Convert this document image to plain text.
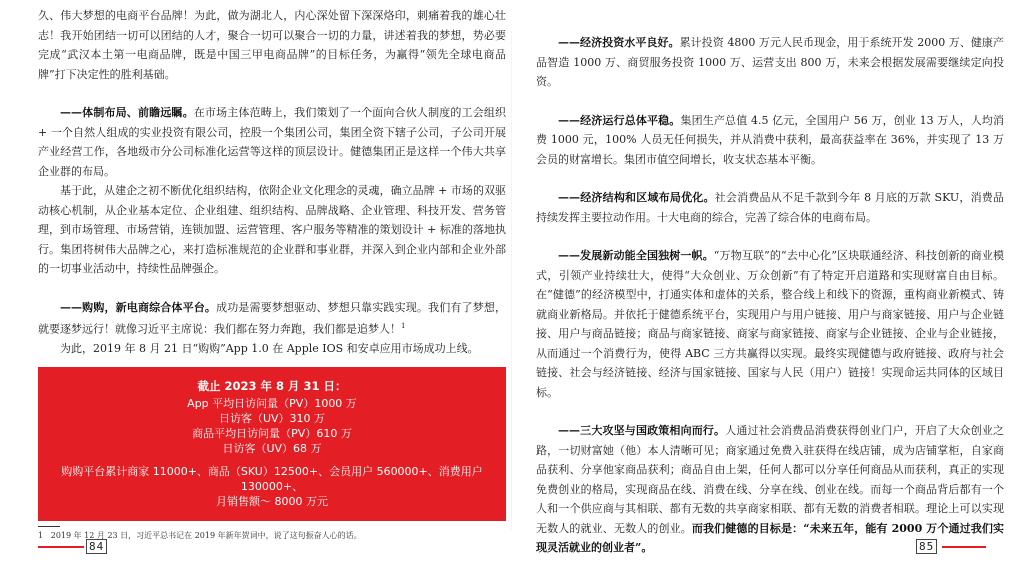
久、伟大梦想的电商平台品牌！为此，做为湖北人，内心深处留下深深烙印，刺痛着我的雄心壮志！我开始团结一切可以团结的人才，聚合一切可以聚合一切的力量，讲述着我的梦想，势必要完成“武汉本土第一电商品牌，既是中国三甲电商品牌”的目标任务，为赢得“领先全球电商品牌”打下决定性的胜利基础。

——体制布局、前瞻远瞩。在市场主体范畴上，我们策划了一个面向合伙人制度的工会组织 + 一个自然人组成的实业投资有限公司，控股一个集团公司，集团全资下辖子公司，子公司开展产业经营工作，各地级市分公司标准化运营等这样的顶层设计。健德集团正是这样一个伟大共享企业群的布局。

基于此，从建企之初不断优化组织结构，依附企业文化理念的灵魂，确立品牌 + 市场的双驱动核心机制，从企业基本定位、企业组建、组织结构、品牌战略、企业管理、科技开发、营务管理，到市场管理、市场营销，连锁加盟、运营管理、客户服务等精准的策划设计 + 标准的落地执行。集团将树伟大品牌之心，来打造标准规范的企业群和事业群，并深入到企业内部和企业外部的一切事业活动中，持续性品牌强企。

——购购，新电商综合体平台。成功是需要梦想驱动、梦想只靠实践实现。我们有了梦想，就要逐梦远行！就像习近平主席说：我们都在努力奔跑，我们都是追梦人！$^1$

为此，2019 年 8 月 21 日“购购”App 1.0 在 Apple IOS 和安卓应用市场成功上线。

截止 2023 年 8 月 31 日：
App 平均日访问量（PV）1000 万
日访客（UV）310 万
商品平均日访问量（PV）610 万
日访客（UV）68 万
购购平台累计商家 11000+、商品（SKU）12500+、会员用户 560000+、消费用户 130000+、
月销售额～ 8000 万元
1 2019 年 12 月 23 日，习近平总书记在 2019 年新年贺词中，说了这句振奋人心的话。
84

——经济投资水平良好。累计投资 4800 万元人民币现金，用于系统开发 2000 万、健康产品智造 1000 万、商贸服务投资 1000 万、运营支出 800 万，未来会根据发展需要继续定向投资。

——经济运行总体平稳。集团生产总值 4.5 亿元，全国用户 56 万，创业 13 万人，人均消费 1000 元，100% 人员无任何损失，并从消费中获利，最高获益率在 36%，并实现了 13 万会员的财富增长。集团市值空间增长，收支状态基本平衡。

——经济结构和区域布局优化。社会消费品从不足千款到今年 8 月底的万款 SKU，消费品持续发挥主要拉动作用。十大电商的综合，完善了综合体的电商布局。

——发展新动能全国独树一帜。“万物互联”的“去中心化”区块联通经济、科技创新的商业模式，引领产业持续壮大，使得“大众创业、万众创新”有了特定开启道路和实现财富自由目标。在“健德”的经济模型中，打通实体和虚体的关系，整合线上和线下的资源，重构商业新模式、铸就商业新格局。并依托于健德系统平台，实现用户与用户链接、用户与商家链接、用户与企业链接、用户与商品链接；商品与商家链接、商家与商家链接、商家与企业链接、企业与企业链接，从而通过一个消费行为，使得 ABC 三方共赢得以实现。最终实现健德与政府链接、政府与社会链接、社会与经济链接、经济与国家链接、国家与人民（用户）链接！实现命运共同体的区域目标。

——三大攻坚与国政策相向而行。人通过社会消费品消费获得创业门户，开启了大众创业之路，一切财富她（他）本人清晰可见；商家通过免费入驻获得在线店铺，成为店铺掌柜，自家商品获利、分享他家商品获利；商品自由上架，任何人都可以分享任何商品从而获利，真正的实现免费创业的格局，实现商品在线、消费在线、分享在线、创业在线。而每一个商品背后都有一个人和一个供应商与其相联、都有无数的共享商家相联、都有无数的消费者相联。理论上可以实现无数人的就业、无数人的创业。而我们健德的目标是：“未来五年，能有 2000 万个通过我们实现灵活就业的创业者”。	85
